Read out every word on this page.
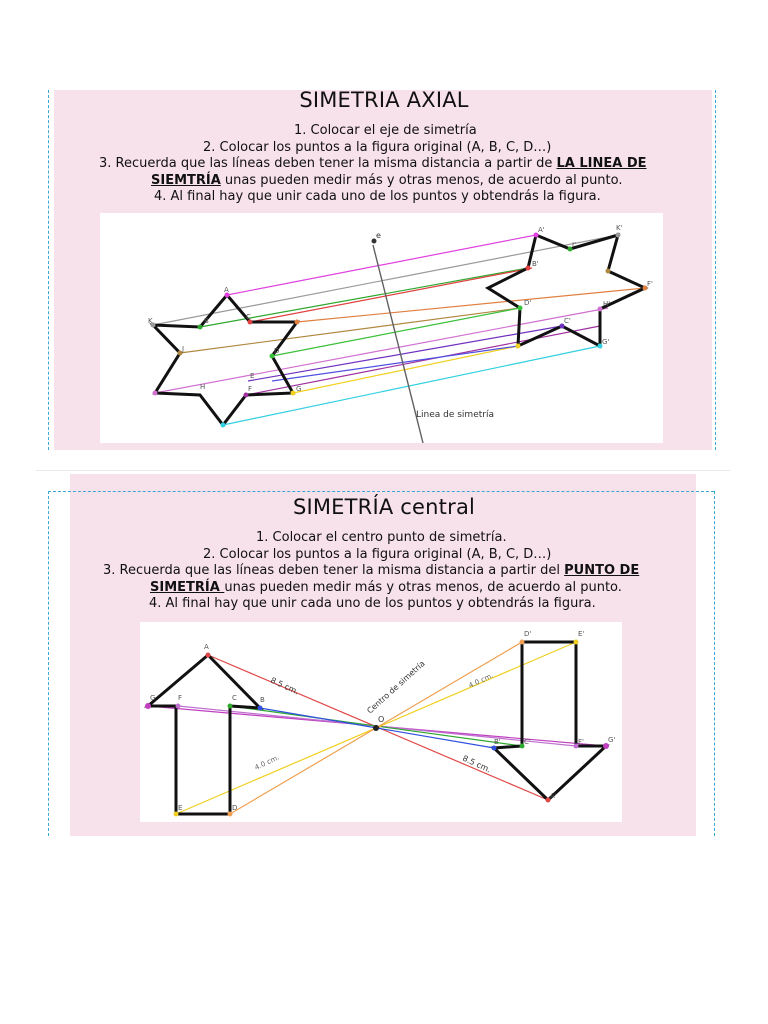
SIMETRIA AXIAL
1. Colocar el eje de simetría
2. Colocar los puntos a la figura original (A, B, C, D…)
3. Recuerda que las líneas deben tener la misma distancia a partir de LA LINEA DE
SIEMTRÍA unas pueden medir más y otras menos, de acuerdo al punto.
4. Al final hay que unir cada uno de los puntos y obtendrás la figura.
e
Linea de simetría
K
A
B	C
J	D
E
H	F	G
A'	K'
B'
I'
F'
D'	H'
C'
G'
SIMETRÍA central
1. Colocar el centro punto de simetría.
2. Colocar los puntos a la figura original (A, B, C, D…)
3. Recuerda que las líneas deben tener la misma distancia a partir del PUNTO DE
SIMETRÍA unas pueden medir más y otras menos, de acuerdo al punto.
4. Al final hay que unir cada uno de los puntos y obtendrás la figura.
O
Centro de simetría
8.5 cm.
8.5 cm.
4.0 cm.
4.0 cm.
A
B
C
G	F
E	D
A'
B'	C'	G'
F'
E'
D'
